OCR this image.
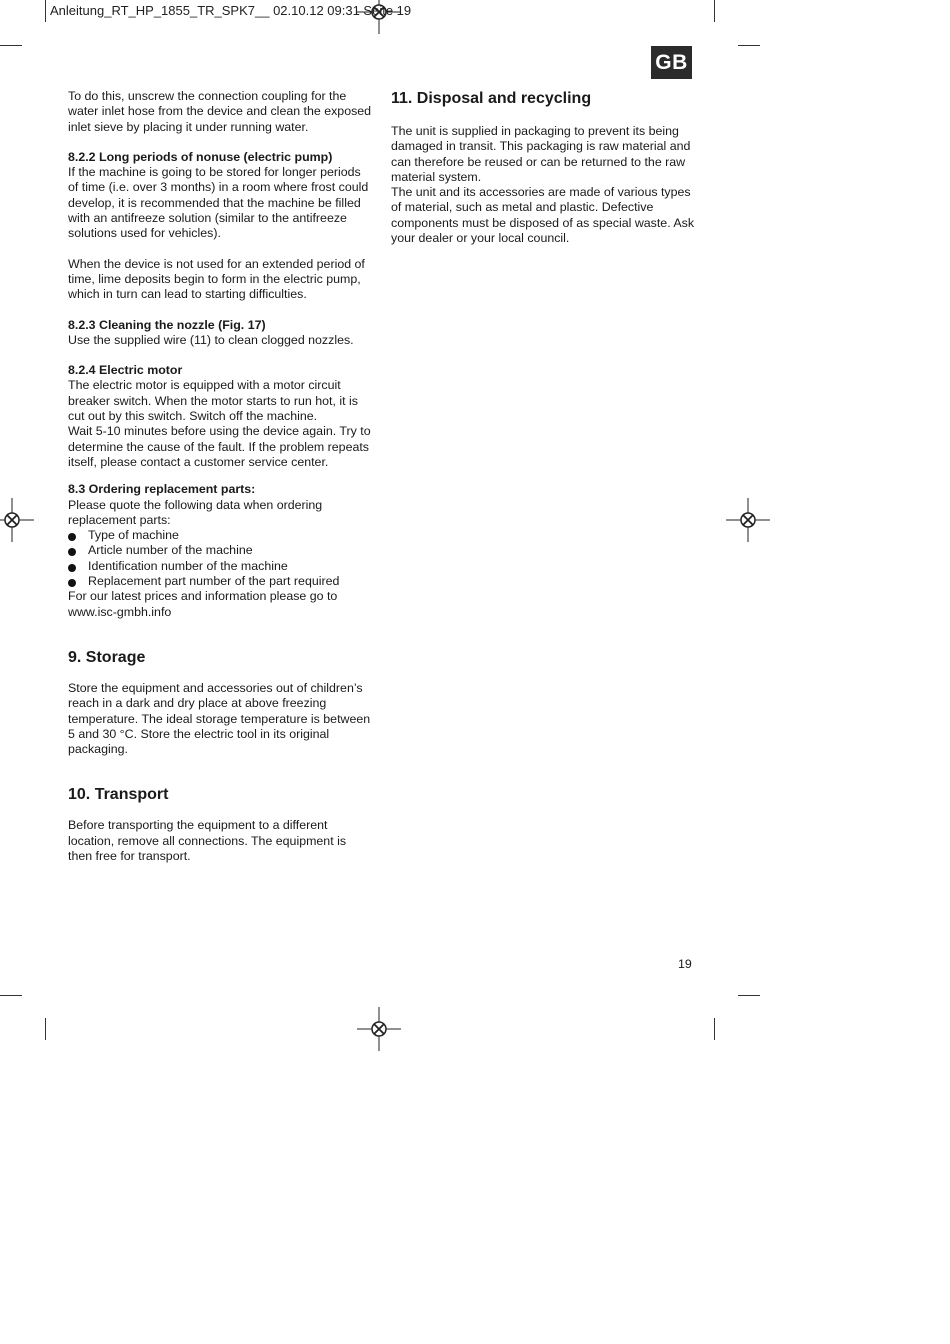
Anleitung_RT_HP_1855_TR_SPK7__ 02.10.12 09:31 Seite 19
GB

To do this, unscrew the connection coupling for the water inlet hose from the device and clean the exposed inlet sieve by placing it under running water.

8.2.2 Long periods of nonuse (electric pump)

If the machine is going to be stored for longer periods of time (i.e. over 3 months) in a room where frost could develop, it is recommended that the machine be filled with an antifreeze solution (similar to the antifreeze solutions used for vehicles).

When the device is not used for an extended period of time, lime deposits begin to form in the electric pump, which in turn can lead to starting difficulties.

8.2.3 Cleaning the nozzle (Fig. 17)

Use the supplied wire (11) to clean clogged nozzles.

8.2.4 Electric motor

The electric motor is equipped with a motor circuit breaker switch. When the motor starts to run hot, it is cut out by this switch. Switch off the machine.

Wait 5-10 minutes before using the device again. Try to determine the cause of the fault. If the problem repeats itself, please contact a customer service center.

8.3 Ordering replacement parts:

Please quote the following data when ordering replacement parts:

Type of machine
Article number of the machine
Identification number of the machine
Replacement part number of the part required

For our latest prices and information please go to www.isc-gmbh.info

9. Storage

Store the equipment and accessories out of children’s reach in a dark and dry place at above freezing temperature. The ideal storage temperature is between 5 and 30 °C. Store the electric tool in its original packaging.

10. Transport

Before transporting the equipment to a different location, remove all connections. The equipment is then free for transport.

11. Disposal and recycling

The unit is supplied in packaging to prevent its being damaged in transit. This packaging is raw material and can therefore be reused or can be returned to the raw material system.

The unit and its accessories are made of various types of material, such as metal and plastic. Defective components must be disposed of as special waste. Ask your dealer or your local council.

19
